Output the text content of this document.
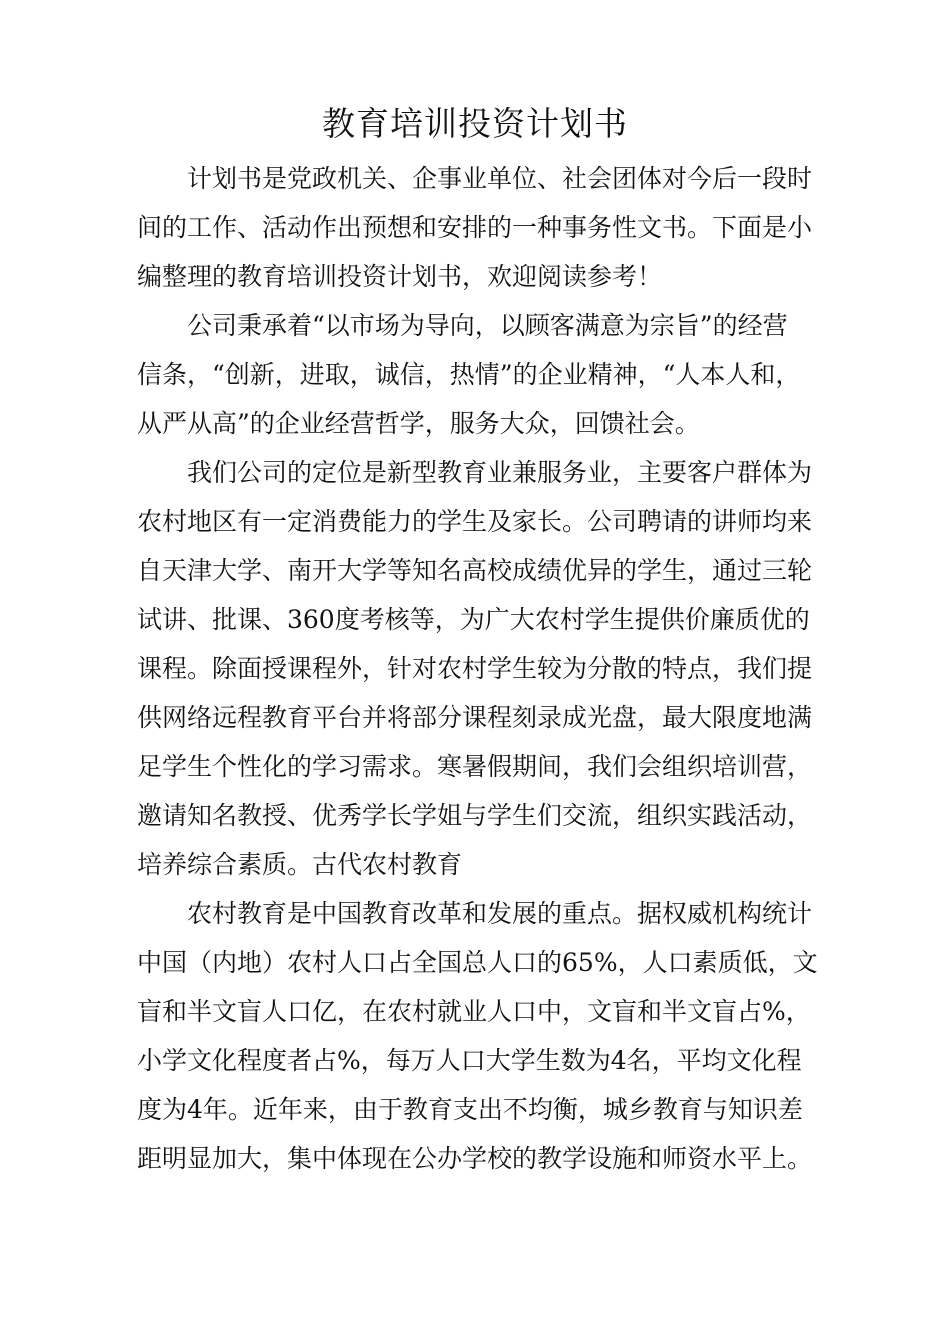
教育培训投资计划书

计划书是党政机关、企事业单位、社会团体对今后一段时
间的工作、活动作出预想和安排的一种事务性文书。下面是小
编整理的教育培训投资计划书，欢迎阅读参考！

公司秉承着“以市场为导向，以顾客满意为宗旨”的经营
信条，“创新，进取，诚信，热情”的企业精神，“人本人和，
从严从高”的企业经营哲学，服务大众，回馈社会。

我们公司的定位是新型教育业兼服务业，主要客户群体为
农村地区有一定消费能力的学生及家长。公司聘请的讲师均来
自天津大学、南开大学等知名高校成绩优异的学生，通过三轮
试讲、批课、360度考核等，为广大农村学生提供价廉质优的
课程。除面授课程外，针对农村学生较为分散的特点，我们提
供网络远程教育平台并将部分课程刻录成光盘，最大限度地满
足学生个性化的学习需求。寒暑假期间，我们会组织培训营，
邀请知名教授、优秀学长学姐与学生们交流，组织实践活动，
培养综合素质。古代农村教育

农村教育是中国教育改革和发展的重点。据权威机构统计
中国（内地）农村人口占全国总人口的65%，人口素质低，文
盲和半文盲人口亿，在农村就业人口中，文盲和半文盲占%，
小学文化程度者占%，每万人口大学生数为4名，平均文化程
度为4年。近年来，由于教育支出不均衡，城乡教育与知识差
距明显加大，集中体现在公办学校的教学设施和师资水平上。
